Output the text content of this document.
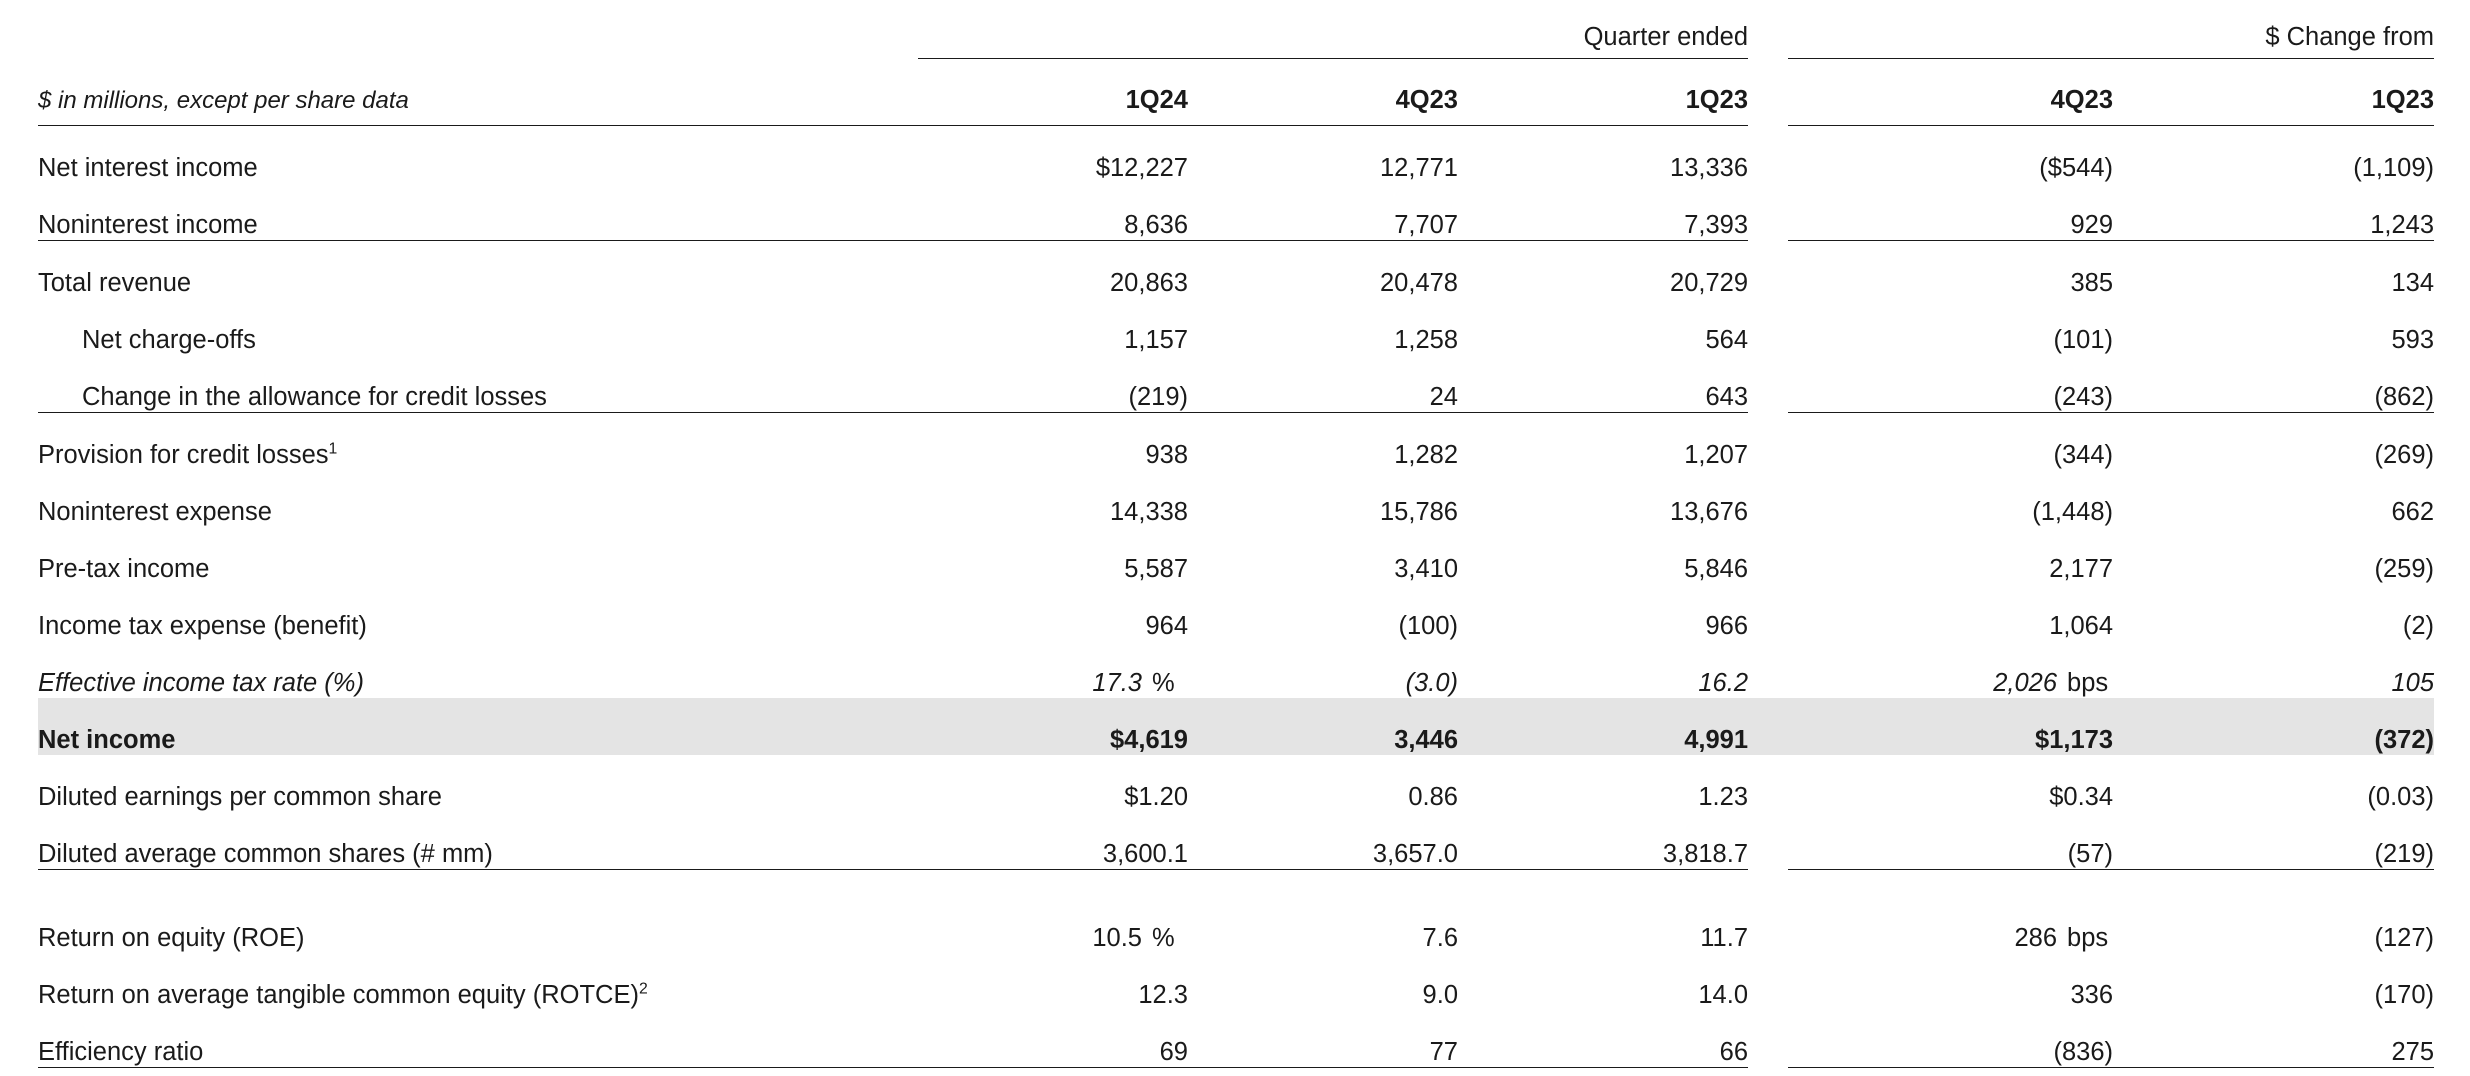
	Quarter ended				$ Change from	
$ in millions, except per share data	1Q24	4Q23	1Q23		4Q23	1Q23

Net interest income	$12,227	12,771	13,336		($544)	(1,109)
Noninterest income	8,636	7,707	7,393		929	1,243
Total revenue	20,863	20,478	20,729		385	134
Net charge-offs	1,157	1,258	564		(101)	593
Change in the allowance for credit losses	(219)	24	643		(243)	(862)
Provision for credit losses$^1$	938	1,282	1,207		(344)	(269)
Noninterest expense	14,338	15,786	13,676		(1,448)	662
Pre-tax income	5,587	3,410	5,846		2,177	(259)
Income tax expense (benefit)	964	(100)	966		1,064	(2)
Effective income tax rate (%)	17.3 %	(3.0)	16.2		2,026 bps	105
Net income	$4,619	3,446	4,991		$1,173	(372)
Diluted earnings per common share	$1.20	0.86	1.23		$0.34	(0.03)
Diluted average common shares (# mm)	3,600.1	3,657.0	3,818.7		(57)	(219)

Return on equity (ROE)	10.5 %	7.6	11.7		286 bps	(127)
Return on average tangible common equity (ROTCE)$^2$	12.3	9.0	14.0		336	(170)
Efficiency ratio	69	77	66		(836)	275
